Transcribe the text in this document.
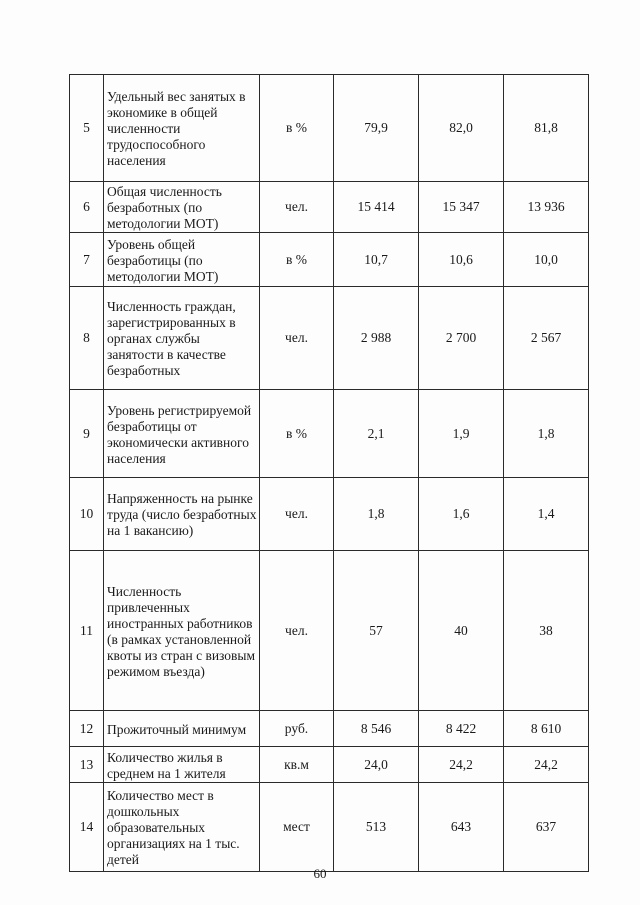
5	Удельный вес занятых в экономике в общей численности трудоспособного населения	в %	79,9	82,0	81,8
6	Общая численность безработных (по методологии МОТ)	чел.	15 414	15 347	13 936
7	Уровень общей безработицы (по методологии МОТ)	в %	10,7	10,6	10,0
8	Численность граждан, зарегистрированных в органах службы занятости в качестве безработных	чел.	2 988	2 700	2 567
9	Уровень регистрируемой безработицы от экономически активного населения	в %	2,1	1,9	1,8
10	Напряженность на рынке труда (число безработных на 1 вакансию)	чел.	1,8	1,6	1,4
11	Численность привлеченных иностранных работников (в рамках установленной квоты из стран с визовым режимом въезда)	чел.	57	40	38
12	Прожиточный минимум	руб.	8 546	8 422	8 610
13	Количество жилья в среднем на 1 жителя	кв.м	24,0	24,2	24,2
14	Количество мест в дошкольных образовательных организациях на 1 тыс. детей	мест	513	643	637
60
